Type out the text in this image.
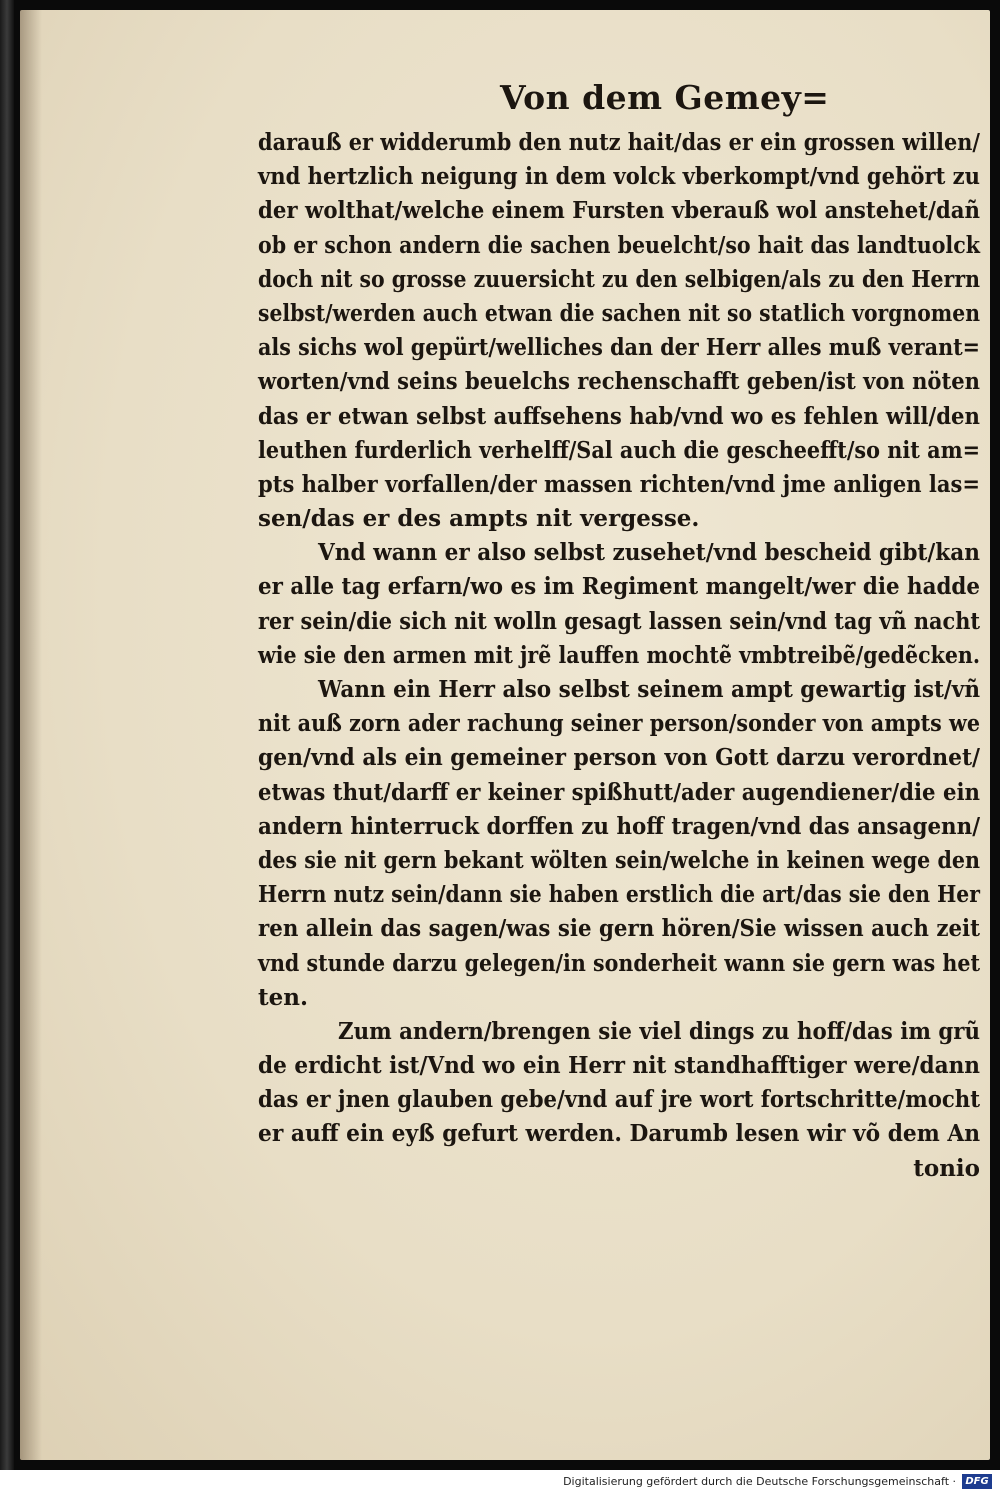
Von dem Gemey=
darauß er widderumb den nutz hait/das er ein grossen willen/
vnd hertzlich neigung in dem volck vberkompt/vnd gehört zu
der wolthat/welche einem Fursten vberauß wol anstehet/dañ
ob er schon andern die sachen beuelcht/so hait das landtuolck
doch nit so grosse zuuersicht zu den selbigen/als zu den Herrn
selbst/werden auch etwan die sachen nit so statlich vorgnomen
als sichs wol gepürt/welliches dan der Herr alles muß verant=
worten/vnd seins beuelchs rechenschafft geben/ist von nöten
das er etwan selbst auffsehens hab/vnd wo es fehlen will/den
leuthen furderlich verhelff/Sal auch die gescheefft/so nit am=
pts halber vorfallen/der massen richten/vnd jme anligen las=
sen/das er des ampts nit vergesse.
Vnd wann er also selbst zusehet/vnd bescheid gibt/kan
er alle tag erfarn/wo es im Regiment mangelt/wer die hadde
rer sein/die sich nit wolln gesagt lassen sein/vnd tag vñ nacht
wie sie den armen mit jrẽ lauffen mochtẽ vmbtreibẽ/gedẽcken.
Wann ein Herr also selbst seinem ampt gewartig ist/vñ
nit auß zorn ader rachung seiner person/sonder von ampts we
gen/vnd als ein gemeiner person von Gott darzu verordnet/
etwas thut/darff er keiner spißhutt/ader augendiener/die ein
andern hinterruck dorffen zu hoff tragen/vnd das ansagenn/
des sie nit gern bekant wölten sein/welche in keinen wege den
Herrn nutz sein/dann sie haben erstlich die art/das sie den Her
ren allein das sagen/was sie gern hören/Sie wissen auch zeit
vnd stunde darzu gelegen/in sonderheit wann sie gern was het
ten.
Zum andern/brengen sie viel dings zu hoff/das im grũ
de erdicht ist/Vnd wo ein Herr nit standhafftiger were/dann
das er jnen glauben gebe/vnd auf jre wort fortschritte/mocht
er auff ein eyß gefurt werden. Darumb lesen wir võ dem An
tonio
Digitalisierung gefördert durch die Deutsche Forschungsgemeinschaft · DFG
